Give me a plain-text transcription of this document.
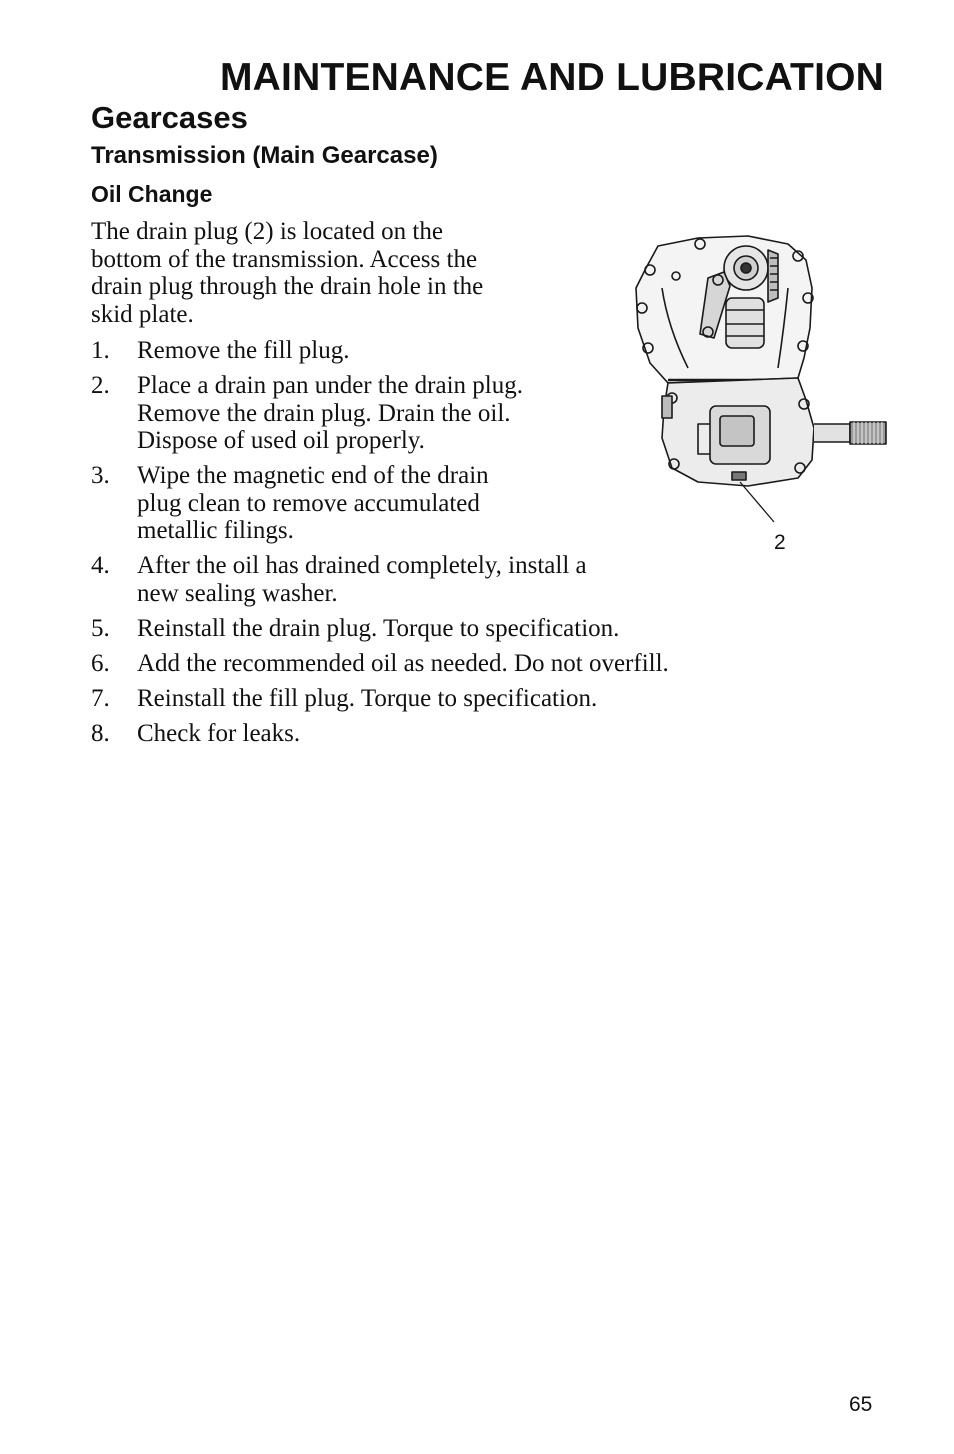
MAINTENANCE AND LUBRICATION
Gearcases
Transmission (Main Gearcase)
Oil Change
The drain plug (2) is located on the
bottom of the transmission. Access the
drain plug through the drain hole in the
skid plate.
1.	Remove the fill plug.
2.	Place a drain pan under the drain plug.
Remove the drain plug. Drain the oil.
Dispose of used oil properly.
3.	Wipe the magnetic end of the drain
plug clean to remove accumulated
metallic filings.
4.	After the oil has drained completely, install a
new sealing washer.
5.	Reinstall the drain plug. Torque to specification.
6.	Add the recommended oil as needed. Do not overfill.
7.	Reinstall the fill plug. Torque to specification.
8.	Check for leaks.
2
65
